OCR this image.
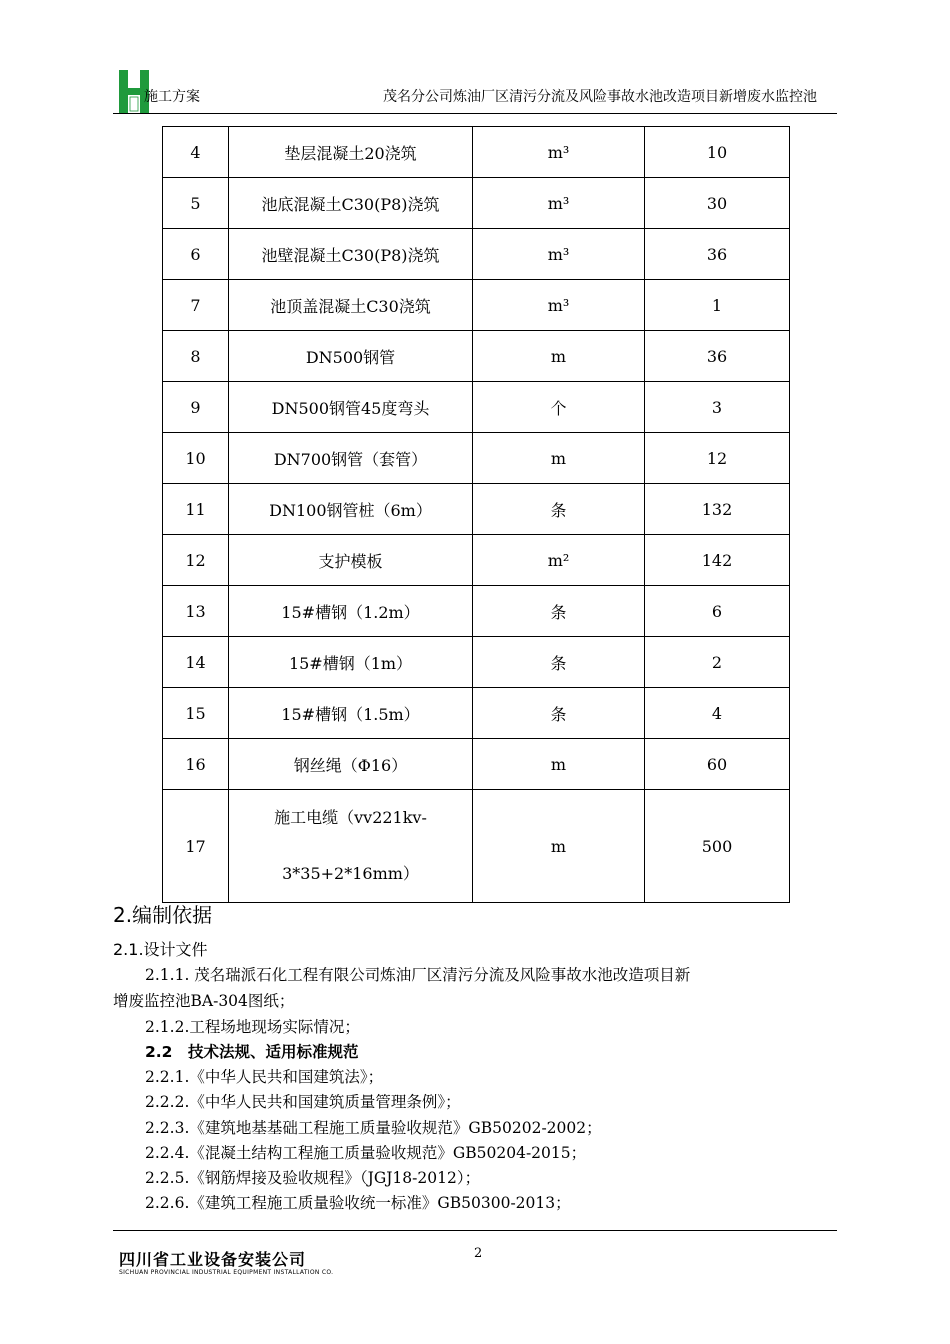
施工方案	茂名分公司炼油厂区清污分流及风险事故水池改造项目新增废水监控池
4	垫层混凝土20浇筑	m³	10
5	池底混凝土C30(P8)浇筑	m³	30
6	池壁混凝土C30(P8)浇筑	m³	36
7	池顶盖混凝土C30浇筑	m³	1
8	DN500钢管	m	36
9	DN500钢管45度弯头	个	3
10	DN700钢管（套管）	m	12
11	DN100钢管桩（6m）	条	132
12	支护模板	m²	142
13	15#槽钢（1.2m）	条	6
14	15#槽钢（1m）	条	2
15	15#槽钢（1.5m）	条	4
16	钢丝绳（Φ16）	m	60
17	施工电缆（vv221kv-
3*35+2*16mm）	m	500
2.编制依据
2.1.设计文件
2.1.1. 茂名瑞派石化工程有限公司炼油厂区清污分流及风险事故水池改造项目新
增废监控池BA-304图纸；
2.1.2.工程场地现场实际情况；
2.2　技术法规、适用标准规范
2.2.1.《中华人民共和国建筑法》；
2.2.2.《中华人民共和国建筑质量管理条例》；
2.2.3.《建筑地基基础工程施工质量验收规范》GB50202-2002；
2.2.4.《混凝土结构工程施工质量验收规范》GB50204-2015；
2.2.5.《钢筋焊接及验收规程》（JGJ18-2012）；
2.2.6.《建筑工程施工质量验收统一标准》GB50300-2013；
四川省工业设备安装公司
SICHUAN PROVINCIAL INDUSTRIAL EQUIPMENT INSTALLATION CO.
2
